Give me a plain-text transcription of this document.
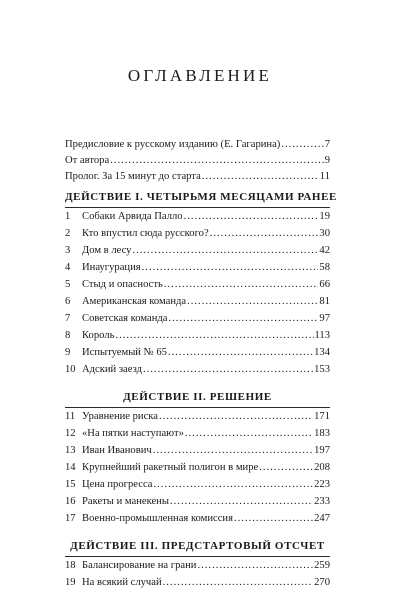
ОГЛАВЛЕНИЕ
Предисловие к русскому изданию (Е. Гагарина) .....	7
От автора .....	9
Пролог. За 15 минут до старта .....	11
ДЕЙСТВИЕ I. ЧЕТЫРЬМЯ МЕСЯЦАМИ РАНЕЕ
1	Собаки Арвида Палло .....	19
2	Кто впустил сюда русского? .....	30
3	Дом в лесу .....	42
4	Инаугурация .....	58
5	Стыд и опасность .....	66
6	Американская команда .....	81
7	Советская команда .....	97
8	Король .....	113
9	Испытуемый № 65 .....	134
10 Адский заезд .....	153
ДЕЙСТВИЕ II. РЕШЕНИЕ
11 Уравнение риска .....	171
12 «На пятки наступают» .....	183
13 Иван Иванович .....	197
14 Крупнейший ракетный полигон в мире .....	208
15 Цена прогресса .....	223
16 Ракеты и манекены .....	233
17 Военно-промышленная комиссия .....	247
ДЕЙСТВИЕ III. ПРЕДСТАРТОВЫЙ ОТСЧЕТ
18 Балансирование на грани .....	259
19 На всякий случай .....	270
